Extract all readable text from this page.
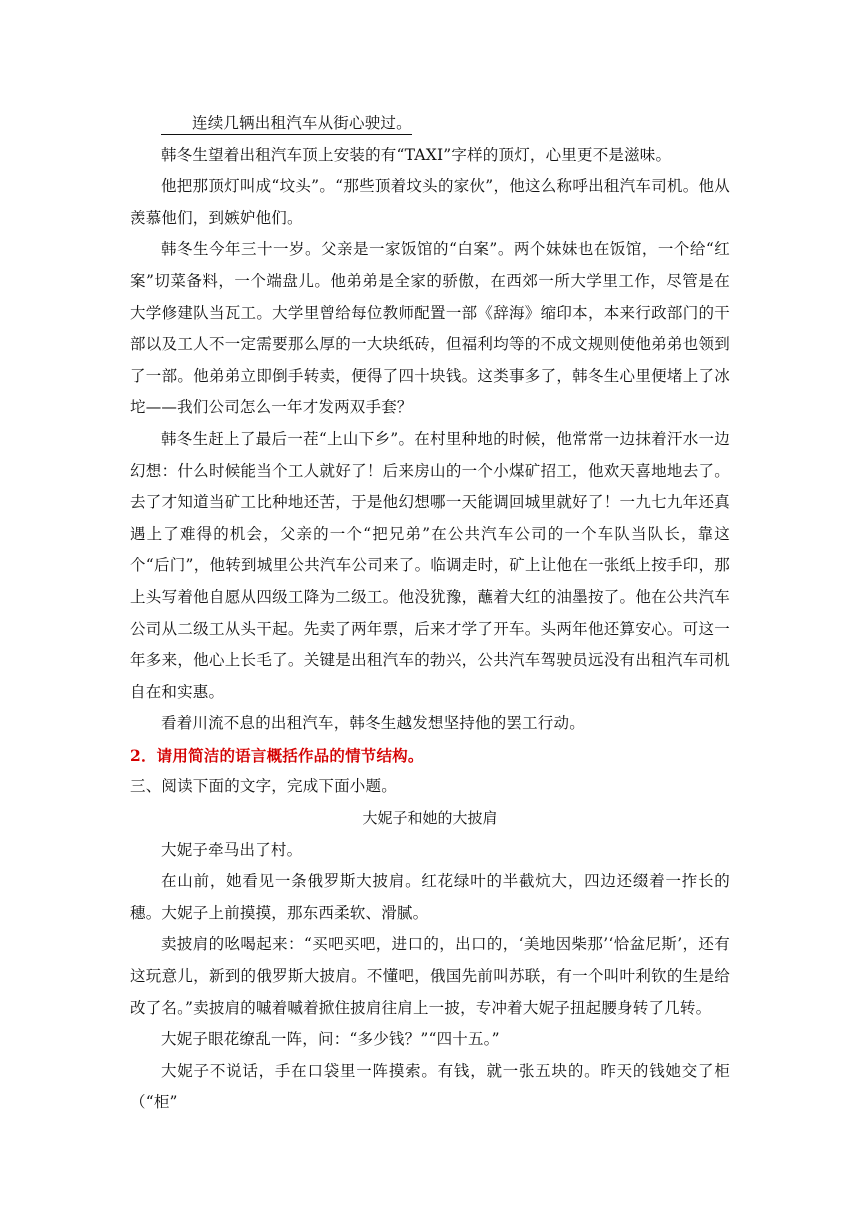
连续几辆出租汽车从街心驶过。

韩冬生望着出租汽车顶上安装的有“TAXI”字样的顶灯，心里更不是滋味。

他把那顶灯叫成“坟头”。“那些顶着坟头的家伙”，他这么称呼出租汽车司机。他从羡慕他们，到嫉妒他们。

韩冬生今年三十一岁。父亲是一家饭馆的“白案”。两个妹妹也在饭馆，一个给“红案”切菜备料，一个端盘儿。他弟弟是全家的骄傲，在西郊一所大学里工作，尽管是在大学修建队当瓦工。大学里曾给每位教师配置一部《辞海》缩印本，本来行政部门的干部以及工人不一定需要那么厚的一大块纸砖，但福利均等的不成文规则使他弟弟也领到了一部。他弟弟立即倒手转卖，便得了四十块钱。这类事多了，韩冬生心里便堵上了冰坨——我们公司怎么一年才发两双手套？

韩冬生赶上了最后一茬“上山下乡”。在村里种地的时候，他常常一边抹着汗水一边幻想：什么时候能当个工人就好了！后来房山的一个小煤矿招工，他欢天喜地地去了。去了才知道当矿工比种地还苦，于是他幻想哪一天能调回城里就好了！一九七九年还真遇上了难得的机会，父亲的一个“把兄弟”在公共汽车公司的一个车队当队长，靠这个“后门”，他转到城里公共汽车公司来了。临调走时，矿上让他在一张纸上按手印，那上头写着他自愿从四级工降为二级工。他没犹豫，蘸着大红的油墨按了。他在公共汽车公司从二级工从头干起。先卖了两年票，后来才学了开车。头两年他还算安心。可这一年多来，他心上长毛了。关键是出租汽车的勃兴，公共汽车驾驶员远没有出租汽车司机自在和实惠。

看着川流不息的出租汽车，韩冬生越发想坚持他的罢工行动。

2．请用简洁的语言概括作品的情节结构。

三、阅读下面的文字，完成下面小题。

大妮子和她的大披肩

大妮子牵马出了村。

在山前，她看见一条俄罗斯大披肩。红花绿叶的半截炕大，四边还缀着一拃长的穗。大妮子上前摸摸，那东西柔软、滑腻。

卖披肩的吆喝起来：“买吧买吧，进口的，出口的，‘美地因柴那’‘恰盆尼斯’，还有这玩意儿，新到的俄罗斯大披肩。不懂吧，俄国先前叫苏联，有一个叫叶利钦的生是给改了名。”卖披肩的嘁着嘁着掀住披肩往肩上一披，专冲着大妮子扭起腰身转了几转。

大妮子眼花缭乱一阵，问：“多少钱？”“四十五。”

大妮子不说话，手在口袋里一阵摸索。有钱，就一张五块的。昨天的钱她交了柜（“柜”
